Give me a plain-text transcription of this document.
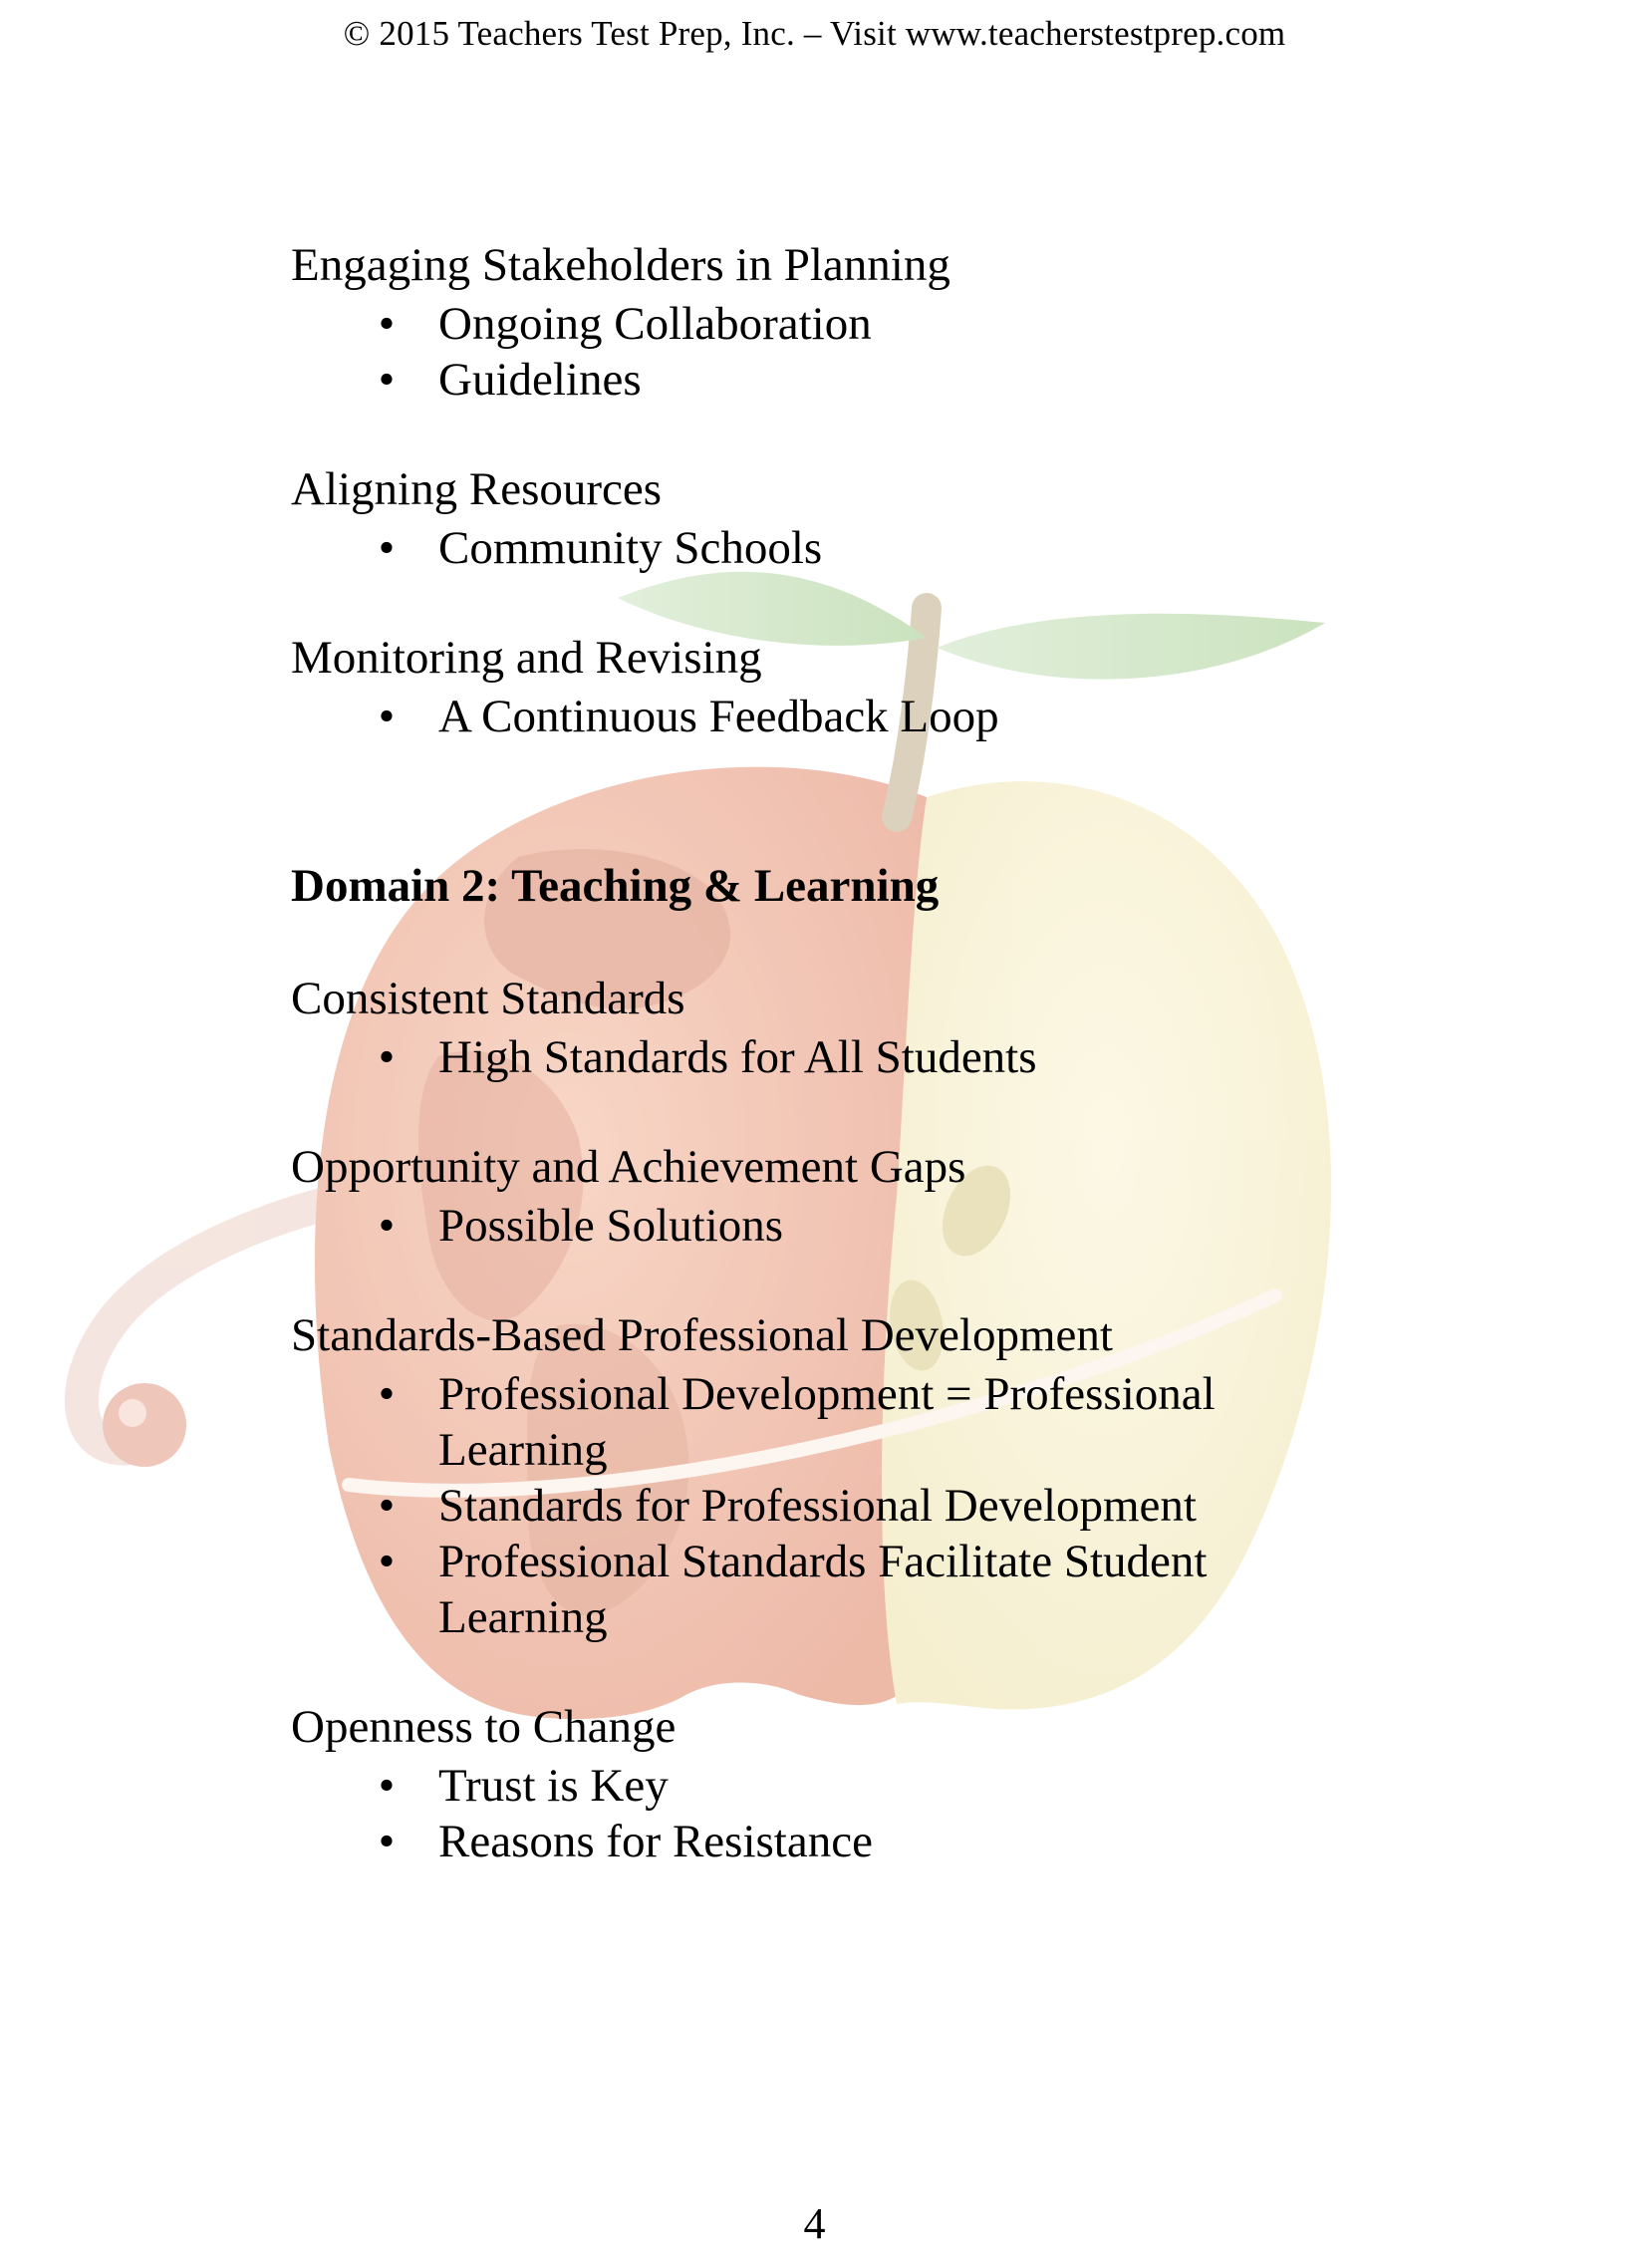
© 2015 Teachers Test Prep, Inc. – Visit www.teacherstestprep.com

Engaging Stakeholders in Planning

• Ongoing Collaboration
• Guidelines

Aligning Resources

• Community Schools

Monitoring and Revising

• A Continuous Feedback Loop

Domain 2: Teaching & Learning

Consistent Standards

• High Standards for All Students

Opportunity and Achievement Gaps

• Possible Solutions

Standards-Based Professional Development

• Professional Development = Professional Learning
• Standards for Professional Development
• Professional Standards Facilitate Student Learning

Openness to Change

• Trust is Key
• Reasons for Resistance
4
